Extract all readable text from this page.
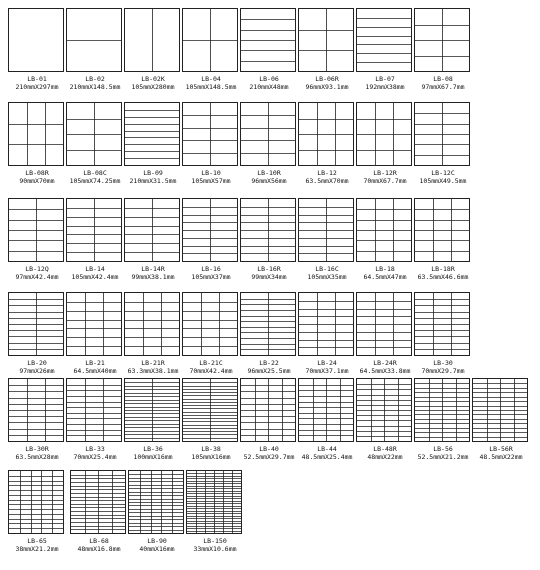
LB-01
210mmX297mm
LB-02
210mmX148.5mm
LB-02K
105mmX280mm
LB-04
105mmX148.5mm
LB-06
210mmX48mm
LB-06R
96mmX93.1mm
LB-07
192mmX38mm
LB-08
97mmX67.7mm
LB-08R
90mmX70mm
LB-08C
105mmX74.25mm
LB-09
210mmX31.5mm
LB-10
105mmX57mm
LB-10R
96mmX56mm
LB-12
63.5mmX70mm
LB-12R
70mmX67.7mm
LB-12C
105mmX49.5mm
LB-12Q
97mmX42.4mm
LB-14
105mmX42.4mm
LB-14R
99mmX38.1mm
LB-16
105mmX37mm
LB-16R
99mmX34mm
LB-16C
105mmX35mm
LB-18
64.5mmX47mm
LB-18R
63.5mmX46.6mm
LB-20
97mmX26mm
LB-21
64.5mmX40mm
LB-21R
63.3mmX38.1mm
LB-21C
70mmX42.4mm
LB-22
96mmX25.5mm
LB-24
70mmX37.1mm
LB-24R
64.5mmX33.8mm
LB-30
70mmX29.7mm
LB-30R
63.5mmX28mm
LB-33
70mmX25.4mm
LB-36
100mmX16mm
LB-38
105mmX16mm
LB-40
52.5mmX29.7mm
LB-44
48.5mmX25.4mm
LB-48R
48mmX22mm
LB-56
52.5mmX21.2mm
LB-56R
48.5mmX22mm
LB-65
38mmX21.2mm
LB-68
48mmX16.8mm
LB-90
40mmX16mm
LB-150
33mmX10.6mm
